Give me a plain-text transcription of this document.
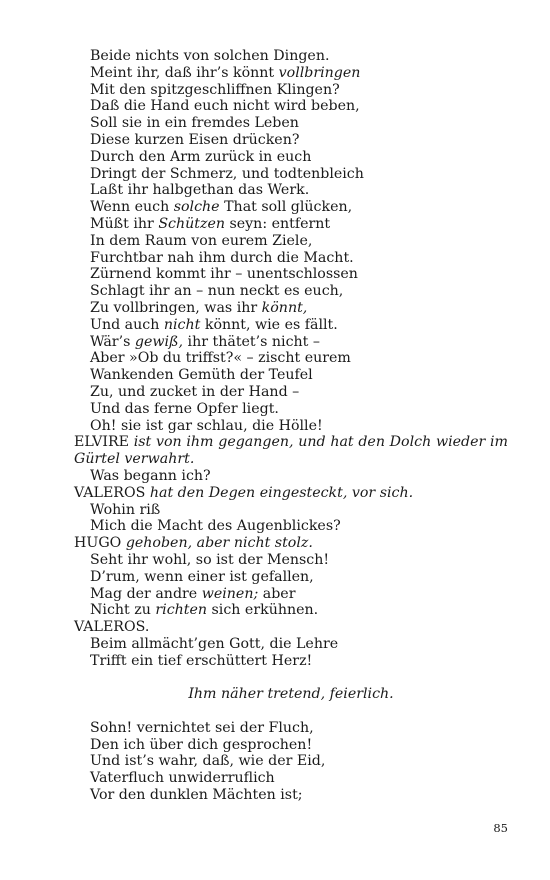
Beide nichts von solchen Dingen.

Meint ihr, daß ihr’s könnt vollbringen

Mit den spitzgeschliffnen Klingen?

Daß die Hand euch nicht wird beben,

Soll sie in ein fremdes Leben

Diese kurzen Eisen drücken?

Durch den Arm zurück in euch

Dringt der Schmerz, und todtenbleich

Laßt ihr halbgethan das Werk.

Wenn euch solche That soll glücken,

Müßt ihr Schützen seyn: entfernt

In dem Raum von eurem Ziele,

Furchtbar nah ihm durch die Macht.

Zürnend kommt ihr – unentschlossen

Schlagt ihr an – nun neckt es euch,

Zu vollbringen, was ihr könnt,

Und auch nicht könnt, wie es fällt.

Wär’s gewiß, ihr thätet’s nicht –

Aber »Ob du triffst?« – zischt eurem

Wankenden Gemüth der Teufel

Zu, und zucket in der Hand –

Und das ferne Opfer liegt.

Oh! sie ist gar schlau, die Hölle!

ELVIRE ist von ihm gegangen, und hat den Dolch wieder im Gürtel verwahrt.

Was begann ich?

VALEROS hat den Degen eingesteckt, vor sich.

Wohin riß

Mich die Macht des Augenblickes?

HUGO gehoben, aber nicht stolz.

Seht ihr wohl, so ist der Mensch!

D’rum, wenn einer ist gefallen,

Mag der andre weinen; aber

Nicht zu richten sich erkühnen.

VALEROS.

Beim allmächt’gen Gott, die Lehre

Trifft ein tief erschüttert Herz!

Ihm näher tretend, feierlich.

Sohn! vernichtet sei der Fluch,

Den ich über dich gesprochen!

Und ist’s wahr, daß, wie der Eid,

Vaterfluch unwiderruflich

Vor den dunklen Mächten ist;

85
